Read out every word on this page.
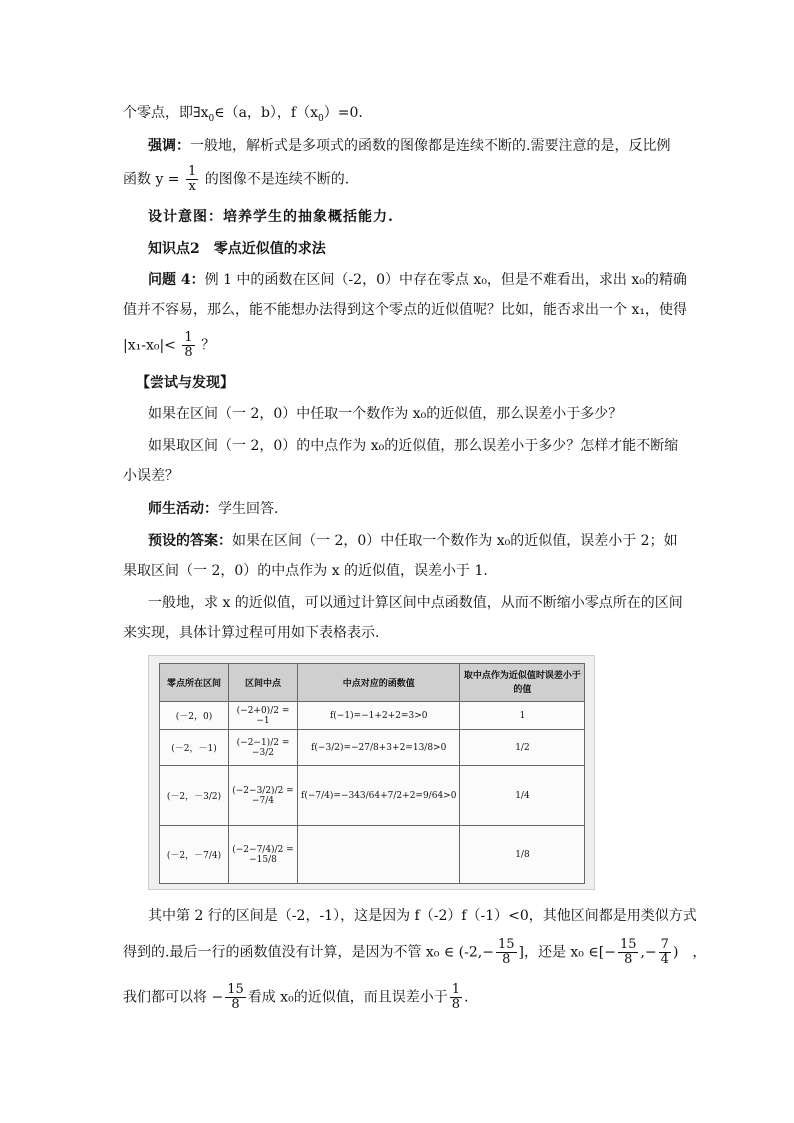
个零点，即$\exists x_0\in(a$，b），$f(x_0)=0$.
强调：一般地，解析式是多项式的函数的图像都是连续不断的.需要注意的是，反比例
函数 $y = \frac{1}{x}$ 的图像不是连续不断的.
设计意图：培养学生的抽象概括能力.
知识点2　零点近似值的求法
问题 4：例 1 中的函数在区间（-2，0）中存在零点 x₀，但是不难看出，求出 x₀的精确
值并不容易，那么，能不能想办法得到这个零点的近似值呢？比如，能否求出一个 x₁，使得
$|x_1-x_0|< \frac{1}{8}$ ？
【尝试与发现】
如果在区间（一 2，0）中任取一个数作为 x₀的近似值，那么误差小于多少？
如果取区间（一 2，0）的中点作为 x₀的近似值，那么误差小于多少？怎样才能不断缩
小误差？
师生活动：学生回答.
预设的答案：如果在区间（一 2，0）中任取一个数作为 x₀的近似值，误差小于 2；如
果取区间（一 2，0）的中点作为 x 的近似值，误差小于 1.
一般地，求 x 的近似值，可以通过计算区间中点函数值，从而不断缩小零点所在的区间
来实现，具体计算过程可用如下表格表示.
零点所在区间	区间中点	中点对应的函数值	取中点作为近似值时误差小于的值
(－2，0)	(−2+0)/2 = −1	f(−1)=−1+2+2=3>0	1
(－2，－1)	(−2−1)/2 = −3/2	f(−3/2)=−27/8+3+2=13/8>0	1/2
(－2，－3/2)	(−2−3/2)/2 = −7/4	f(−7/4)=−343/64+7/2+2=9/64>0	1/4
(－2，－7/4)	(−2−7/4)/2 = −15/8		1/8
其中第 2 行的区间是（-2，-1），这是因为 f（-2）f（-1）<0，其他区间都是用类似方式
得到的.最后一行的函数值没有计算，是因为不管 x₀ ∈ ($-2,- \frac{15}{8}$ ]，还是 x₀ ∈[− $\frac{15}{8}$ ,− $\frac{7}{4}$ )　，
我们都可以将 − $\frac{15}{8}$ 看成 x₀的近似值，而且误差小于 $\frac{1}{8}$ .
